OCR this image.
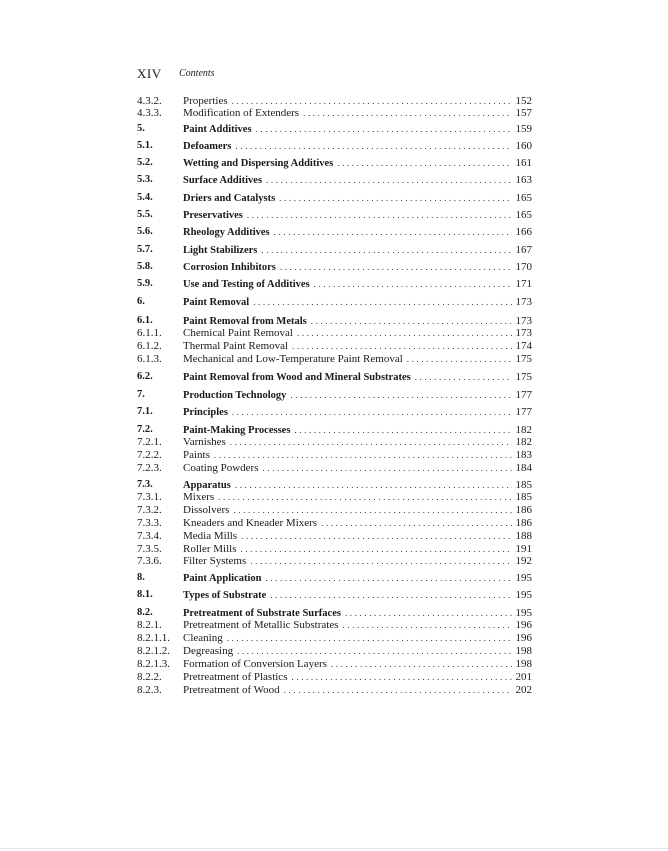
XIV Contents
4.3.2.	Properties .....	152
4.3.3.	Modification of Extenders .....	157
5.	Paint Additives .....	159
5.1.	Defoamers .....	160
5.2.	Wetting and Dispersing Additives .....	161
5.3.	Surface Additives .....	163
5.4.	Driers and Catalysts .....	165
5.5.	Preservatives .....	165
5.6.	Rheology Additives .....	166
5.7.	Light Stabilizers .....	167
5.8.	Corrosion Inhibitors .....	170
5.9.	Use and Testing of Additives .....	171
6.	Paint Removal .....	173
6.1.	Paint Removal from Metals .....	173
6.1.1.	Chemical Paint Removal .....	173
6.1.2.	Thermal Paint Removal .....	174
6.1.3.	Mechanical and Low-Temperature Paint Removal .....	175
6.2.	Paint Removal from Wood and Mineral Substrates .....	175
7.	Production Technology .....	177
7.1.	Principles .....	177
7.2.	Paint-Making Processes .....	182
7.2.1.	Varnishes .....	182
7.2.2.	Paints .....	183
7.2.3.	Coating Powders .....	184
7.3.	Apparatus .....	185
7.3.1.	Mixers .....	185
7.3.2.	Dissolvers .....	186
7.3.3.	Kneaders and Kneader Mixers .....	186
7.3.4.	Media Mills .....	188
7.3.5.	Roller Mills .....	191
7.3.6.	Filter Systems .....	192
8.	Paint Application .....	195
8.1.	Types of Substrate .....	195
8.2.	Pretreatment of Substrate Surfaces .....	195
8.2.1.	Pretreatment of Metallic Substrates .....	196
8.2.1.1.	Cleaning .....	196
8.2.1.2.	Degreasing .....	198
8.2.1.3.	Formation of Conversion Layers .....	198
8.2.2.	Pretreatment of Plastics .....	201
8.2.3.	Pretreatment of Wood .....	202
